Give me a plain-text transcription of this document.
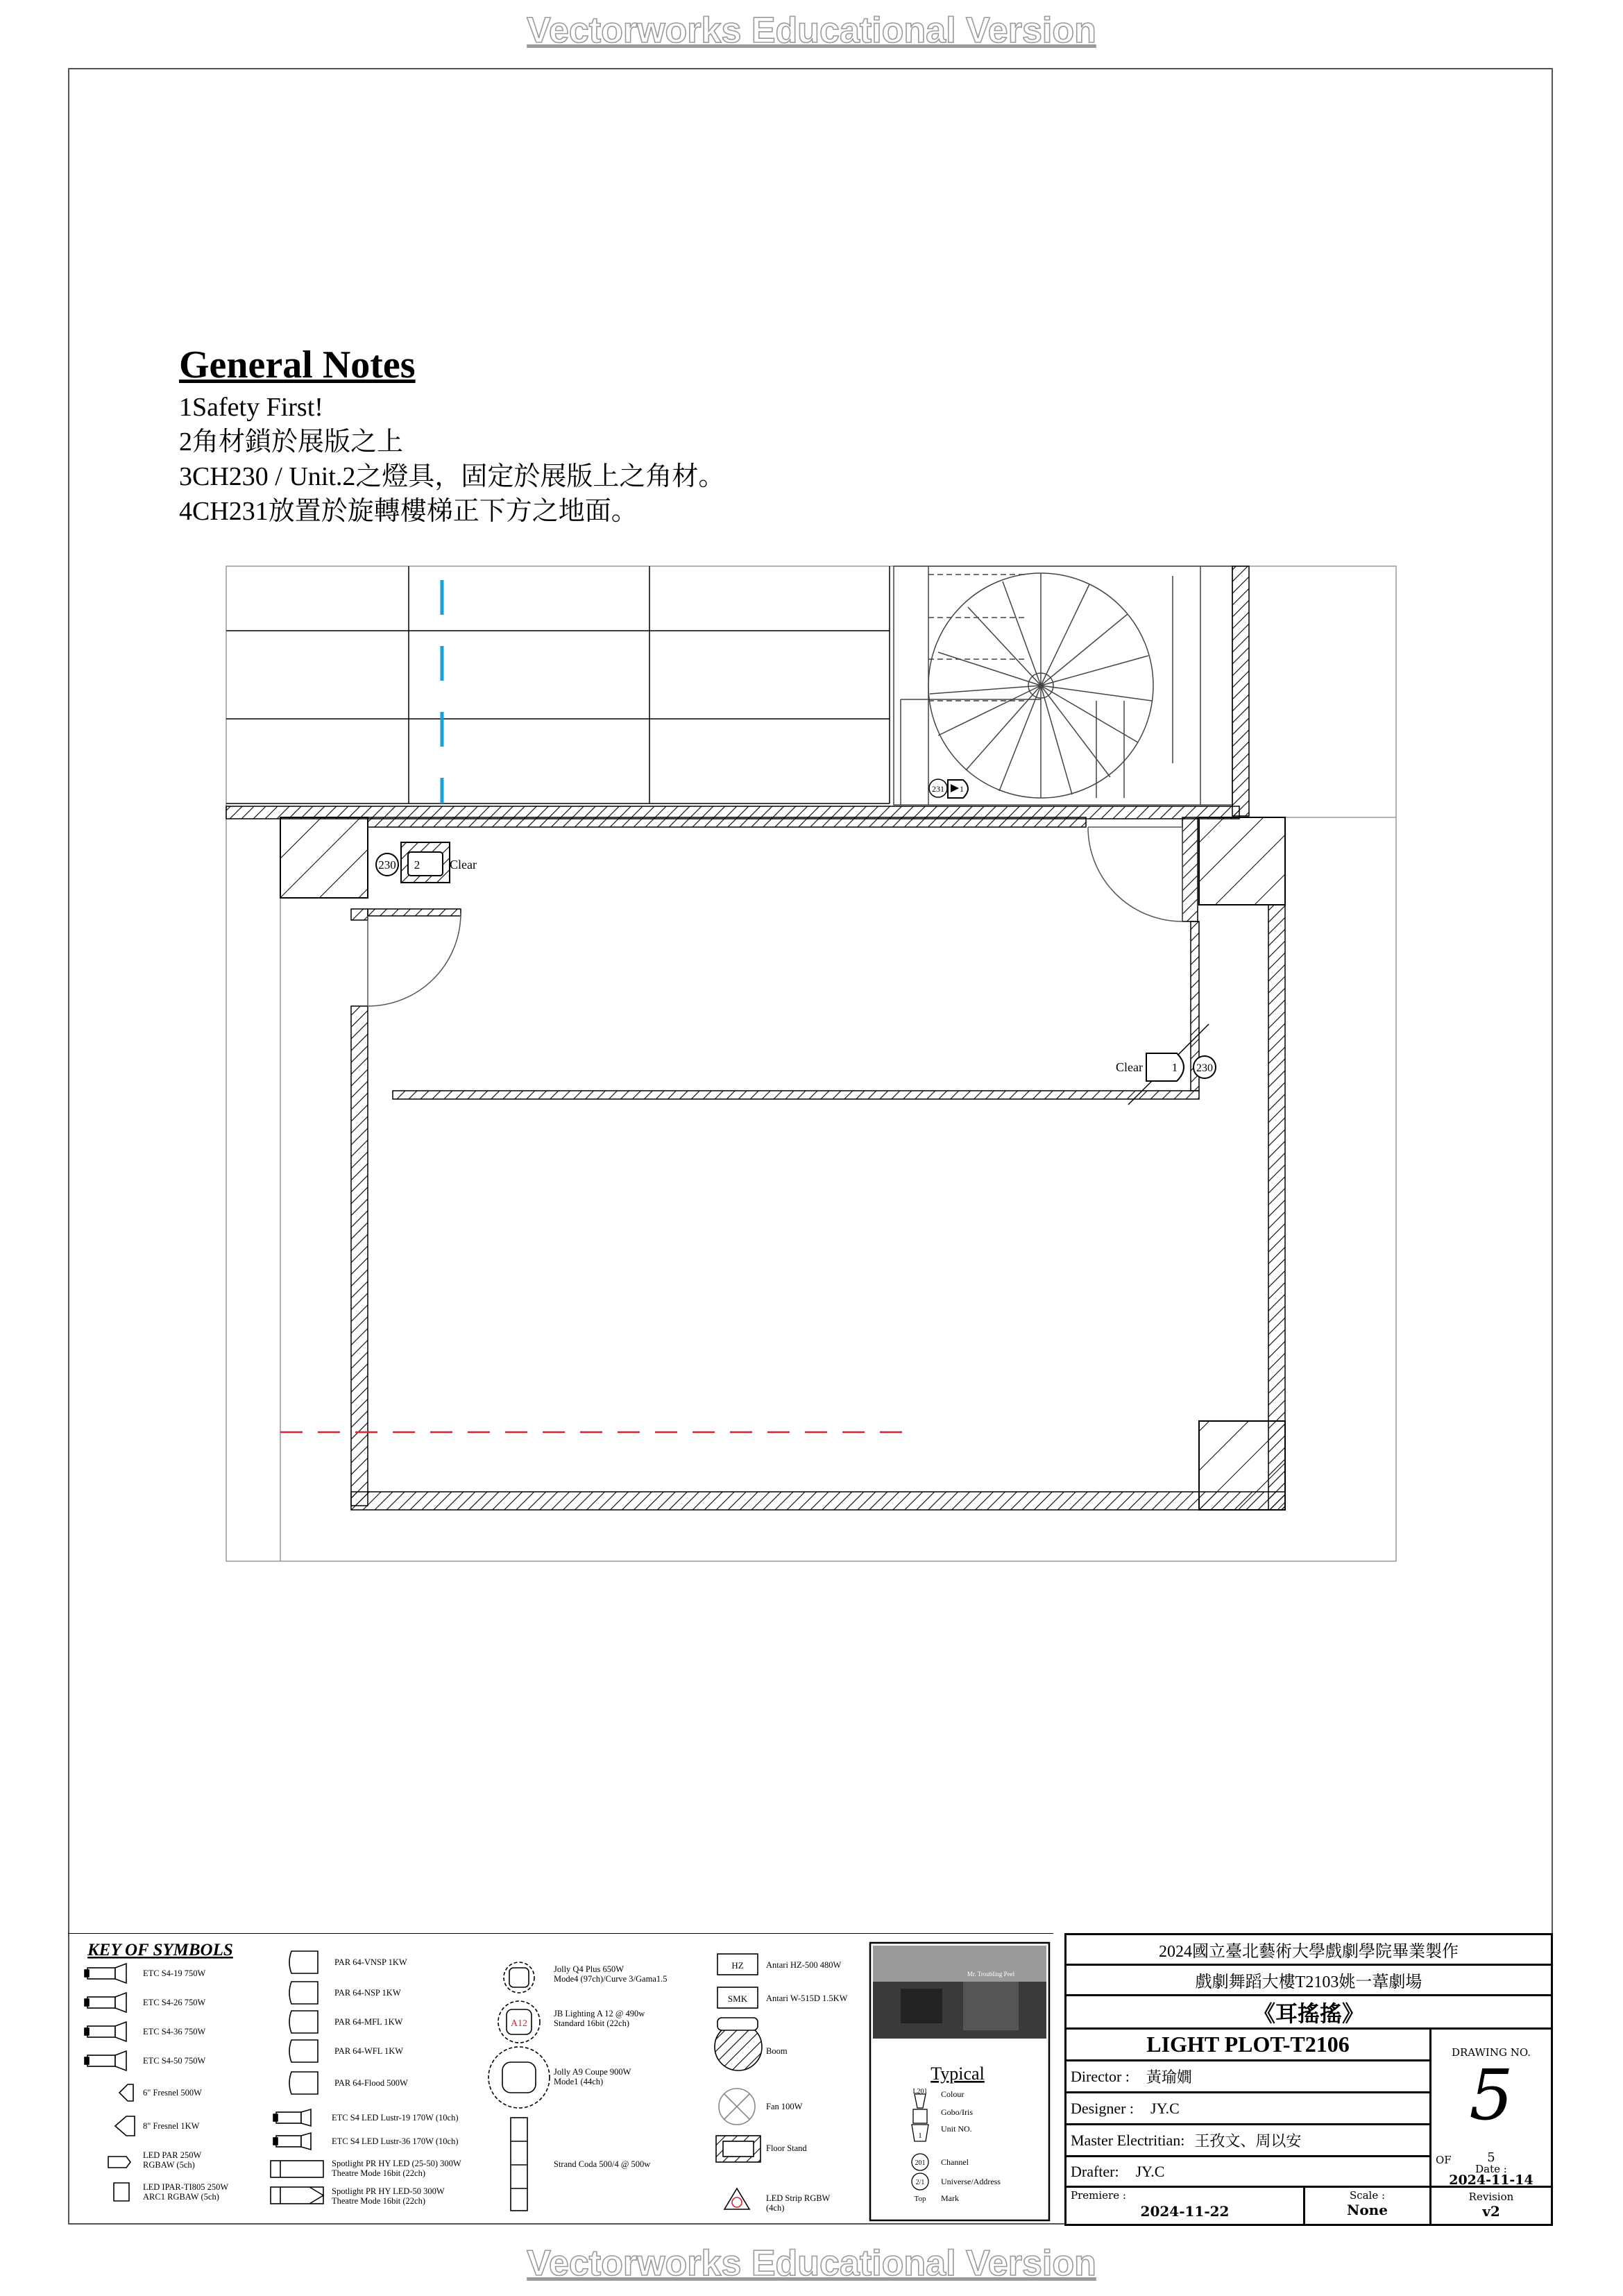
Vectorworks Educational Version
Vectorworks Educational Version
General Notes
1Safety First!
2角材鎖於展版之上
3CH230 / Unit.2之燈具，固定於展版上之角材。
4CH231放置於旋轉樓梯正下方之地面。
230 2 Clear
1 230
Clear
231 1
KEY OF SYMBOLS
ETC S4-19 750W
ETC S4-26 750W
ETC S4-36 750W
ETC S4-50 750W
6" Fresnel 500W
8" Fresnel 1KW
LED PAR 250W
RGBAW (5ch)
LED IPAR-TI805 250W
ARC1 RGBAW (5ch)
PAR 64-VNSP 1KW
PAR 64-NSP 1KW
PAR 64-MFL 1KW
PAR 64-WFL 1KW
PAR 64-Flood 500W
ETC S4 LED Lustr-19 170W (10ch)
ETC S4 LED Lustr-36 170W (10ch)
Spotlight PR HY LED (25-50) 300W
Theatre Mode 16bit (22ch)
Spotlight PR HY LED-50 300W
Theatre Mode 16bit (22ch)
A12
Jolly Q4 Plus 650W
Mode4 (97ch)/Curve 3/Gama1.5
JB Lighting A 12 @ 490w
Standard 16bit (22ch)
Jolly A9 Coupe 900W
Mode1 (44ch)
Strand Coda 500/4 @ 500w
HZ
SMK
Antari HZ-500 480W
Antari W-515D 1.5KW
Boom
Fan 100W
Floor Stand
LED Strip RGBW
(4ch)
Mr. Troubling Peel
Typical
L201
1
201
2/1
Top
Colour
Gobo/Iris
Unit NO.
Channel
Universe/Address
Mark
2024國立臺北藝術大學戲劇學院畢業製作
戲劇舞蹈大樓T2103姚一葦劇場
《耳搖搖》
LIGHT PLOT-T2106
Director : 黃瑜嫺
Designer : JY.C
Master Electritian: 王孜文、周以安
Drafter: JY.C
Premiere :
2024-11-22
Scale :
None
DRAWING NO.
5
OF	5
Date :
2024-11-14
Revision
v2
